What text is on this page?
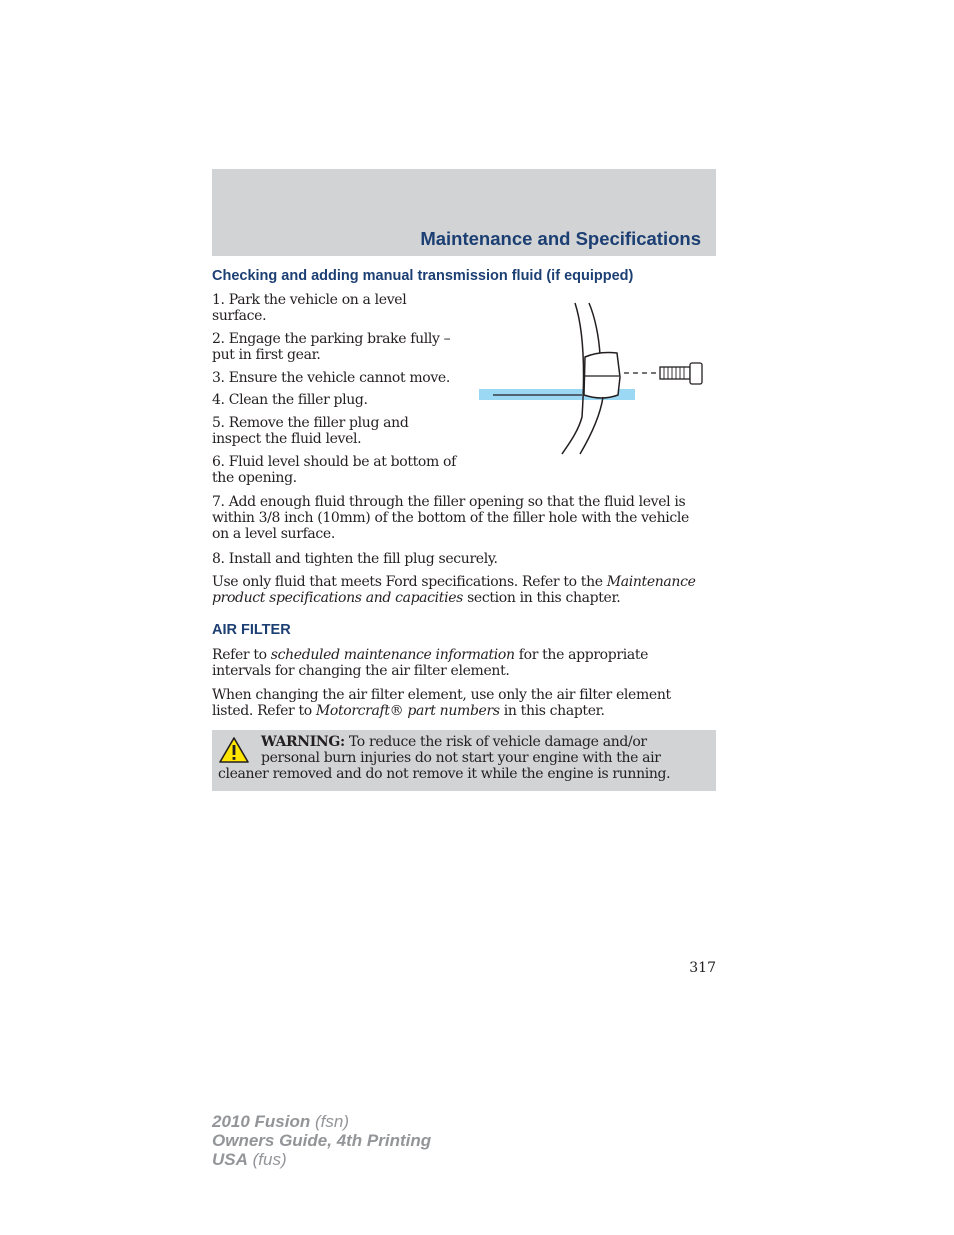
Maintenance and Specifications
Checking and adding manual transmission fluid (if equipped)
1. Park the vehicle on a level
surface.
2. Engage the parking brake fully –
put in first gear.
3. Ensure the vehicle cannot move.
4. Clean the filler plug.
5. Remove the filler plug and
inspect the fluid level.
6. Fluid level should be at bottom of
the opening.
7. Add enough fluid through the filler opening so that the fluid level is
within 3/8 inch (10mm) of the bottom of the filler hole with the vehicle
on a level surface.
8. Install and tighten the fill plug securely.
Use only fluid that meets Ford specifications. Refer to the Maintenance
product specifications and capacities section in this chapter.
AIR FILTER
Refer to scheduled maintenance information for the appropriate
intervals for changing the air filter element.
When changing the air filter element, use only the air filter element
listed. Refer to Motorcraft® part numbers in this chapter.
WARNING: To reduce the risk of vehicle damage and/or
personal burn injuries do not start your engine with the air
cleaner removed and do not remove it while the engine is running.
317
2010 Fusion (fsn)
Owners Guide, 4th Printing
USA (fus)
